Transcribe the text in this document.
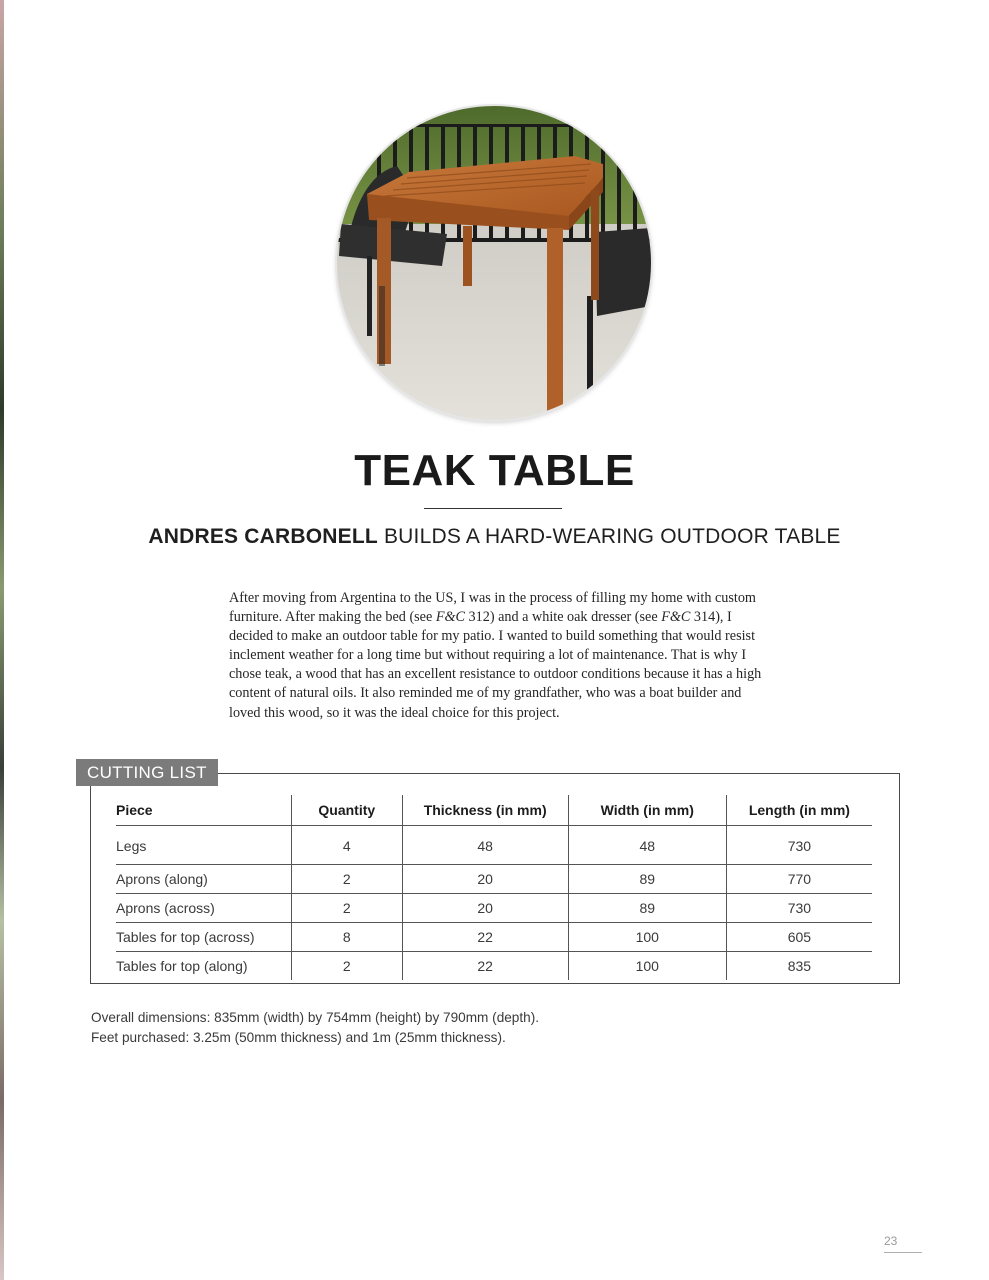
TEAK TABLE
ANDRES CARBONELL BUILDS A HARD-WEARING OUTDOOR TABLE

After moving from Argentina to the US, I was in the process of filling my home with custom furniture. After making the bed (see F&C 312) and a white oak dresser (see F&C 314), I decided to make an outdoor table for my patio. I wanted to build something that would resist inclement weather for a long time but without requiring a lot of maintenance. That is why I chose teak, a wood that has an excellent resistance to outdoor conditions because it has a high content of natural oils. It also reminded me of my grandfather, who was a boat builder and loved this wood, so it was the ideal choice for this project.

CUTTING LIST
Piece	Quantity	Thickness (in mm)	Width (in mm)	Length (in mm)
Legs	4	48	48	730
Aprons (along)	2	20	89	770
Aprons (across)	2	20	89	730
Tables for top (across)	8	22	100	605
Tables for top (along)	2	22	100	835

Overall dimensions: 835mm (width) by 754mm (height) by 790mm (depth).

Feet purchased: 3.25m (50mm thickness) and 1m (25mm thickness).

23
